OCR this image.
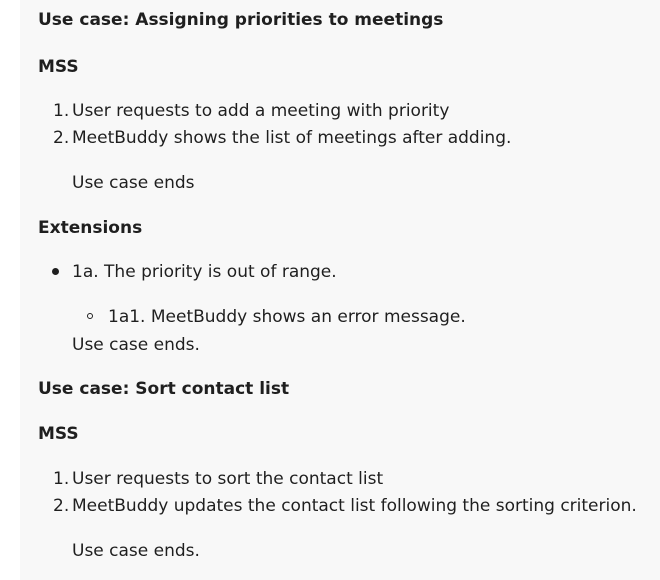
Use case: Assigning priorities to meetings
MSS
1. User requests to add a meeting with priority
2. MeetBuddy shows the list of meetings after adding.
Use case ends
Extensions
1a. The priority is out of range.
1a1. MeetBuddy shows an error message.
Use case ends.
Use case: Sort contact list
MSS
1. User requests to sort the contact list
2. MeetBuddy updates the contact list following the sorting criterion.
Use case ends.
